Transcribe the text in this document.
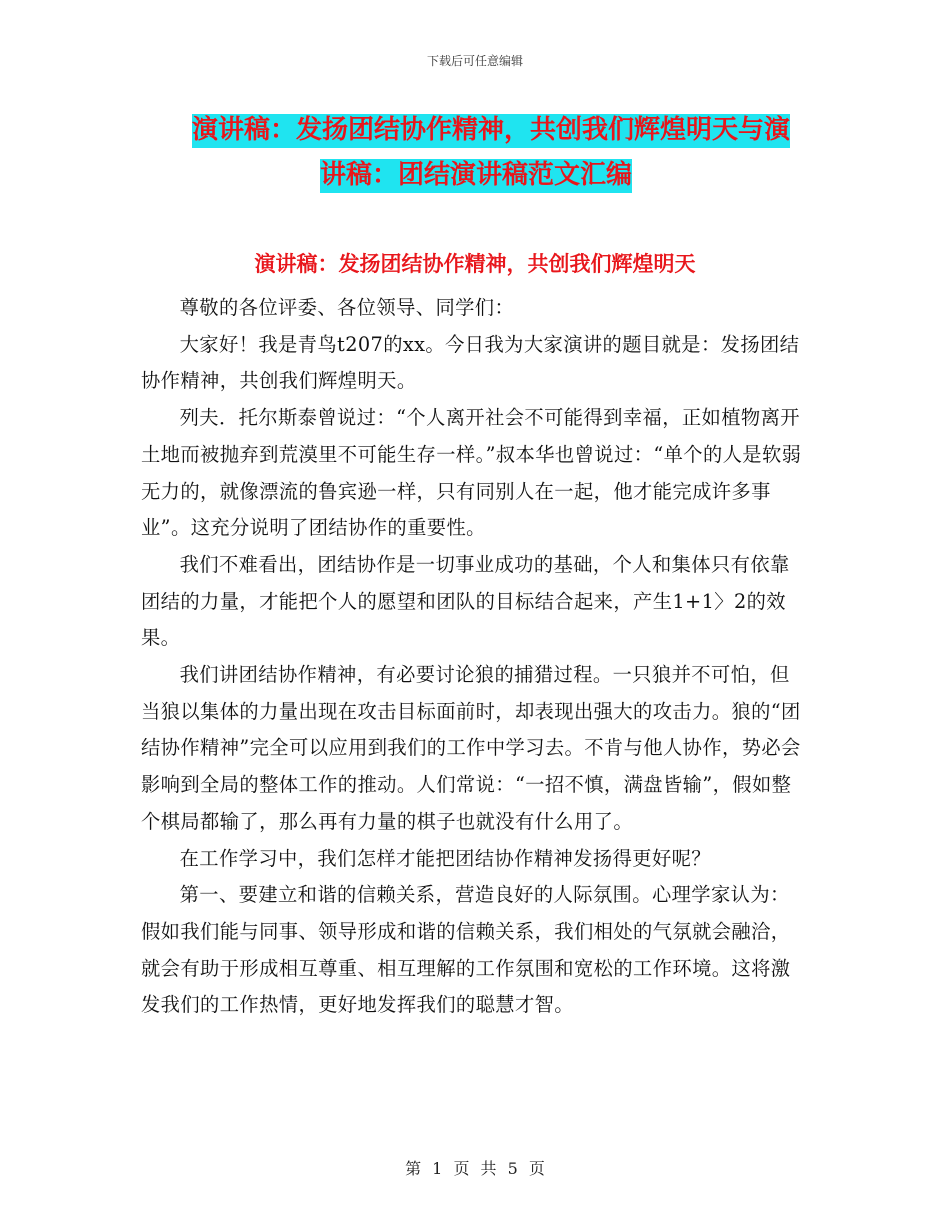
下载后可任意编辑
演讲稿：发扬团结协作精神，共创我们辉煌明天与演
讲稿：团结演讲稿范文汇编
演讲稿：发扬团结协作精神，共创我们辉煌明天

尊敬的各位评委、各位领导、同学们：

大家好！我是青鸟t207的xx。今日我为大家演讲的题目就是：发扬团结协作精神，共创我们辉煌明天。

列夫．托尔斯泰曾说过：“个人离开社会不可能得到幸福，正如植物离开土地而被抛弃到荒漠里不可能生存一样。”叔本华也曾说过：“单个的人是软弱无力的，就像漂流的鲁宾逊一样，只有同别人在一起，他才能完成许多事业”。这充分说明了团结协作的重要性。

我们不难看出，团结协作是一切事业成功的基础，个人和集体只有依靠团结的力量，才能把个人的愿望和团队的目标结合起来，产生1+1〉2的效果。

我们讲团结协作精神，有必要讨论狼的捕猎过程。一只狼并不可怕，但当狼以集体的力量出现在攻击目标面前时，却表现出强大的攻击力。狼的“团结协作精神”完全可以应用到我们的工作中学习去。不肯与他人协作，势必会影响到全局的整体工作的推动。人们常说：“一招不慎，满盘皆输”，假如整个棋局都输了，那么再有力量的棋子也就没有什么用了。

在工作学习中，我们怎样才能把团结协作精神发扬得更好呢？

第一、要建立和谐的信赖关系，营造良好的人际氛围。心理学家认为：假如我们能与同事、领导形成和谐的信赖关系，我们相处的气氛就会融洽，就会有助于形成相互尊重、相互理解的工作氛围和宽松的工作环境。这将激发我们的工作热情，更好地发挥我们的聪慧才智。

第 1 页 共 5 页
